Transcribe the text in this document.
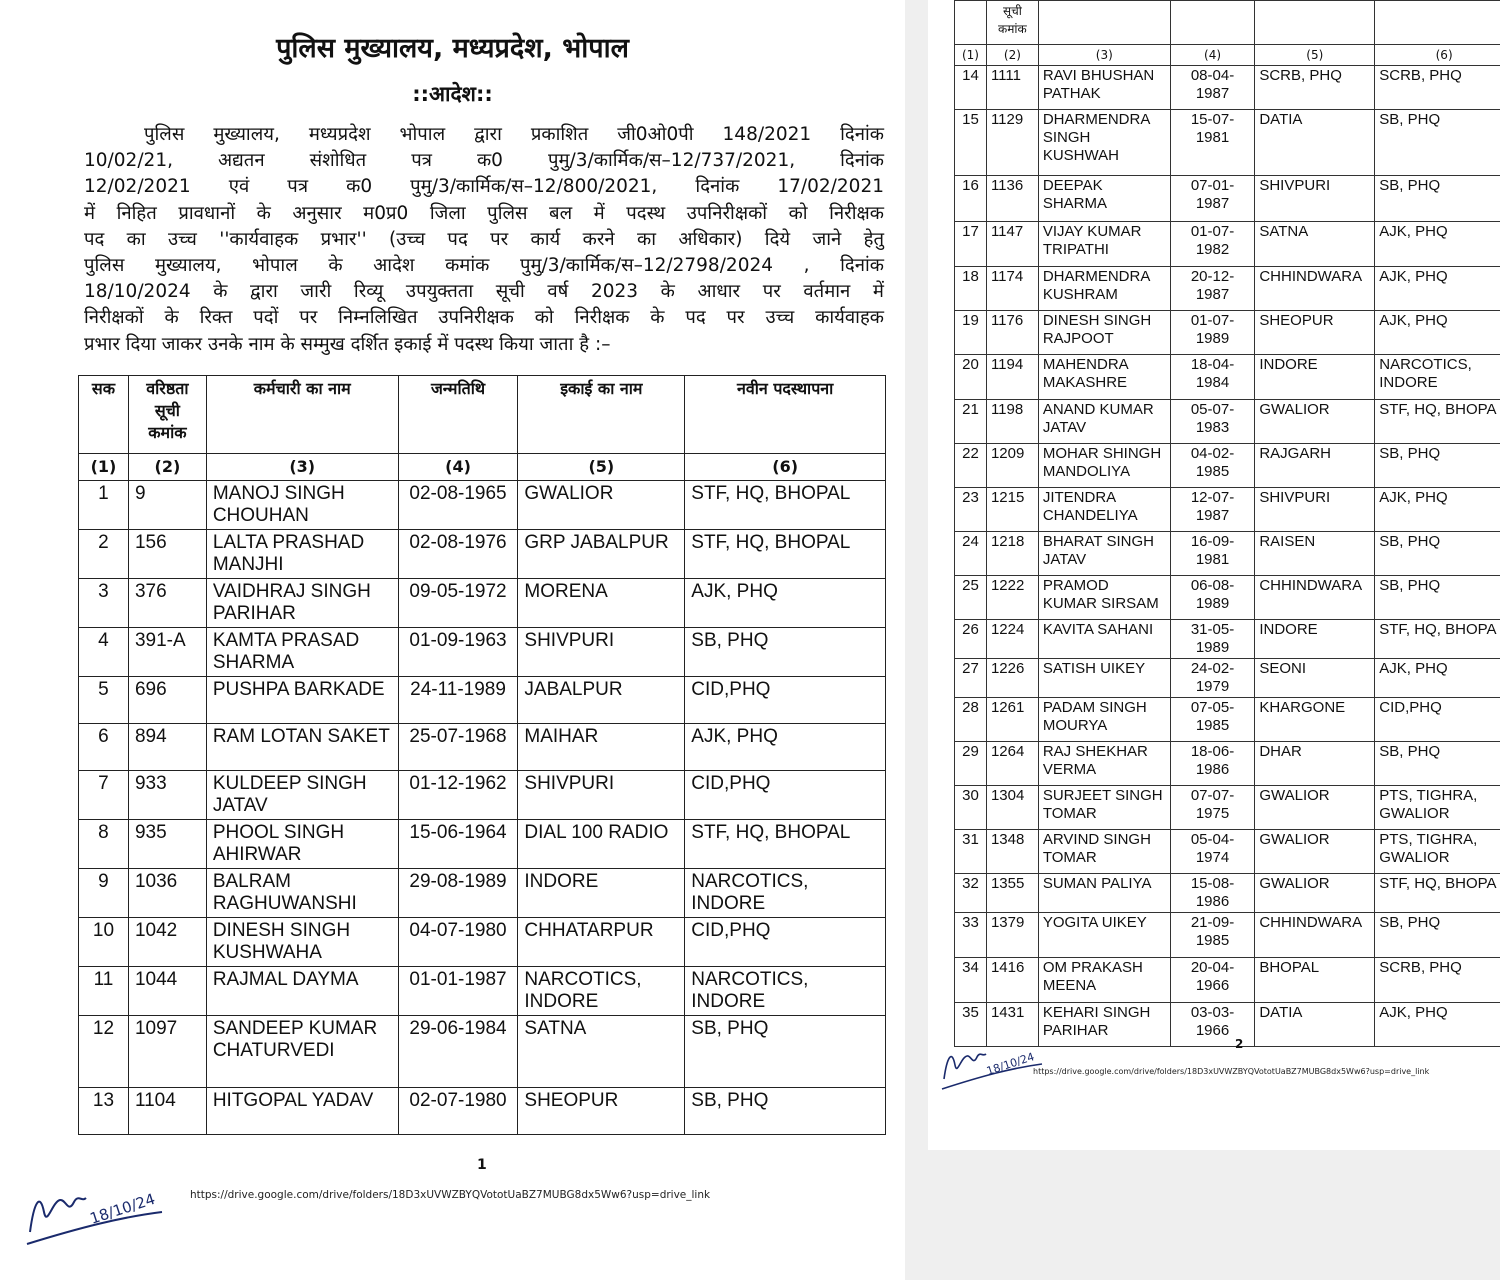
पुलिस मुख्यालय, मध्यप्रदेश, भोपाल
::आदेश::
पुलिस मुख्यालय, मध्यप्रदेश भोपाल द्वारा प्रकाशित जी0ओ0पी 148/2021 दिनांक
10/02/21, अद्यतन संशोधित पत्र क0 पुमु/3/कार्मिक/स–12/737/2021, दिनांक
12/02/2021 एवं पत्र क0 पुमु/3/कार्मिक/स–12/800/2021, दिनांक 17/02/2021
में निहित प्रावधानों के अनुसार म0प्र0 जिला पुलिस बल में पदस्थ उपनिरीक्षकों को निरीक्षक
पद का उच्च ''कार्यवाहक प्रभार'' (उच्च पद पर कार्य करने का अधिकार) दिये जाने हेतु
पुलिस मुख्यालय, भोपाल के आदेश कमांक पुमु/3/कार्मिक/स–12/2798/2024 , दिनांक
18/10/2024 के द्वारा जारी रिव्यू उपयुक्तता सूची वर्ष 2023 के आधार पर वर्तमान में
निरीक्षकों के रिक्त पदों पर निम्नलिखित उपनिरीक्षक को निरीक्षक के पद पर उच्च कार्यवाहक
प्रभार दिया जाकर उनके नाम के सम्मुख दर्शित इकाई में पदस्थ किया जाता है :–
सक	वरिष्ठता सूची कमांक	कर्मचारी का नाम	जन्मतिथि	इकाई का नाम	नवीन पदस्थापना
(1)	(2)	(3)	(4)	(5)	(6)
1	9	MANOJ SINGH CHOUHAN	02-08-1965	GWALIOR	STF, HQ, BHOPAL
2	156	LALTA PRASHAD MANJHI	02-08-1976	GRP JABALPUR	STF, HQ, BHOPAL
3	376	VAIDHRAJ SINGH PARIHAR	09-05-1972	MORENA	AJK, PHQ
4	391-A	KAMTA PRASAD SHARMA	01-09-1963	SHIVPURI	SB, PHQ
5	696	PUSHPA BARKADE	24-11-1989	JABALPUR	CID,PHQ
6	894	RAM LOTAN SAKET	25-07-1968	MAIHAR	AJK, PHQ
7	933	KULDEEP SINGH JATAV	01-12-1962	SHIVPURI	CID,PHQ
8	935	PHOOL SINGH AHIRWAR	15-06-1964	DIAL 100 RADIO	STF, HQ, BHOPAL
9	1036	BALRAM RAGHUWANSHI	29-08-1989	INDORE	NARCOTICS, INDORE
10	1042	DINESH SINGH KUSHWAHA	04-07-1980	CHHATARPUR	CID,PHQ
11	1044	RAJMAL DAYMA	01-01-1987	NARCOTICS, INDORE	NARCOTICS, INDORE
12	1097	SANDEEP KUMAR CHATURVEDI	29-06-1984	SATNA	SB, PHQ
13	1104	HITGOPAL YADAV	02-07-1980	SHEOPUR	SB, PHQ
1
https://drive.google.com/drive/folders/18D3xUVWZBYQVototUaBZ7MUBG8dx5Ww6?usp=drive_link
18/10/24
	सूची कमांक				
(1)	(2)	(3)	(4)	(5)	(6)
14	1111	RAVI BHUSHAN PATHAK	08-04-1987	SCRB, PHQ	SCRB, PHQ
15	1129	DHARMENDRA SINGH KUSHWAH	15-07-1981	DATIA	SB, PHQ
16	1136	DEEPAK SHARMA	07-01-1987	SHIVPURI	SB, PHQ
17	1147	VIJAY KUMAR TRIPATHI	01-07-1982	SATNA	AJK, PHQ
18	1174	DHARMENDRA KUSHRAM	20-12-1987	CHHINDWARA	AJK, PHQ
19	1176	DINESH SINGH RAJPOOT	01-07-1989	SHEOPUR	AJK, PHQ
20	1194	MAHENDRA MAKASHRE	18-04-1984	INDORE	NARCOTICS, INDORE
21	1198	ANAND KUMAR JATAV	05-07-1983	GWALIOR	STF, HQ, BHOPA
22	1209	MOHAR SHINGH MANDOLIYA	04-02-1985	RAJGARH	SB, PHQ
23	1215	JITENDRA CHANDELIYA	12-07-1987	SHIVPURI	AJK, PHQ
24	1218	BHARAT SINGH JATAV	16-09-1981	RAISEN	SB, PHQ
25	1222	PRAMOD KUMAR SIRSAM	06-08-1989	CHHINDWARA	SB, PHQ
26	1224	KAVITA SAHANI	31-05-1989	INDORE	STF, HQ, BHOPA
27	1226	SATISH UIKEY	24-02-1979	SEONI	AJK, PHQ
28	1261	PADAM SINGH MOURYA	07-05-1985	KHARGONE	CID,PHQ
29	1264	RAJ SHEKHAR VERMA	18-06-1986	DHAR	SB, PHQ
30	1304	SURJEET SINGH TOMAR	07-07-1975	GWALIOR	PTS, TIGHRA, GWALIOR
31	1348	ARVIND SINGH TOMAR	05-04-1974	GWALIOR	PTS, TIGHRA, GWALIOR
32	1355	SUMAN PALIYA	15-08-1986	GWALIOR	STF, HQ, BHOPA
33	1379	YOGITA UIKEY	21-09-1985	CHHINDWARA	SB, PHQ
34	1416	OM PRAKASH MEENA	20-04-1966	BHOPAL	SCRB, PHQ
35	1431	KEHARI SINGH PARIHAR	03-03-1966	DATIA	AJK, PHQ
2
https://drive.google.com/drive/folders/18D3xUVWZBYQVototUaBZ7MUBG8dx5Ww6?usp=drive_link
18/10/24
